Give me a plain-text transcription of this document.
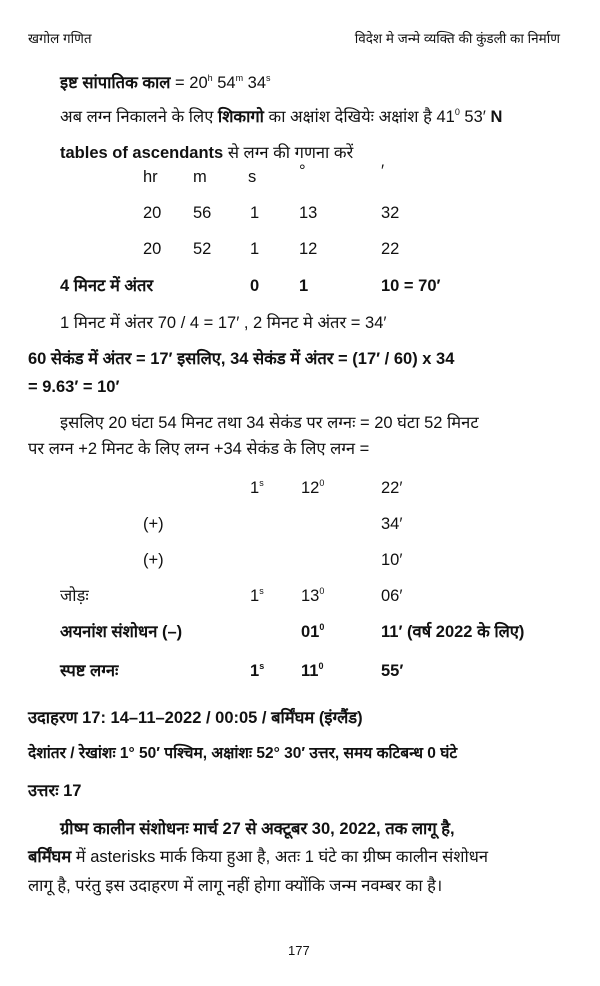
खगोल गणित	विदेश मे जन्मे व्यक्ति की कुंडली का निर्माण
इष्ट सांपातिक काल = $20^h$ 54$^m$ 34$^s$
अब लग्न निकालने के लिए शिकागो का अक्षांश देखियेः अक्षांश है $41^0$ 53′ N
tables of ascendants से लग्न की गणना करें
hr m	s	°	′
20 56 1 13	32
20 52 1 12	22
4 मिनट में अंतर	0 1	10 = 70′
1 मिनट में अंतर 70 / 4 = 17′ , 2 मिनट मे अंतर = 34′
60 सेकंड में अंतर = 17′ इसलिए, 34 सेकंड में अंतर = (17′ / 60) x 34
= 9.63′ = 10′
इसलिए 20 घंटा 54 मिनट तथा 34 सेकंड पर लग्नः = 20 घंटा 52 मिनट
पर लग्न +2 मिनट के लिए लग्न +34 सेकंड के लिए लग्न =
$1^s$ $12^0$	22′
(+)	34′
(+)	10′
जोड़ः	1$^s$ $13^0$	06′
अयनांश संशोधन (–)	$01^0$	11′ (वर्ष 2022 के लिए)
स्पष्ट लग्नः	1$^s$ $11^0$	55′
उदाहरण 17: 14–11–2022 / 00:05 / बर्मिंघम (इंग्लैंड)
देशांतर / रेखांशः 1° 50′ पश्चिम, अक्षांशः 52° 30′ उत्तर, समय कटिबन्ध 0 घंटे
उत्तरः 17
ग्रीष्म कालीन संशोधनः मार्च 27 से अक्टूबर 30, 2022, तक लागू है,
बर्मिंघम में asterisks मार्क किया हुआ है, अतः 1 घंटे का ग्रीष्म कालीन संशोधन
लागू है, परंतु इस उदाहरण में लागू नहीं होगा क्योंकि जन्म नवम्बर का है।
177
